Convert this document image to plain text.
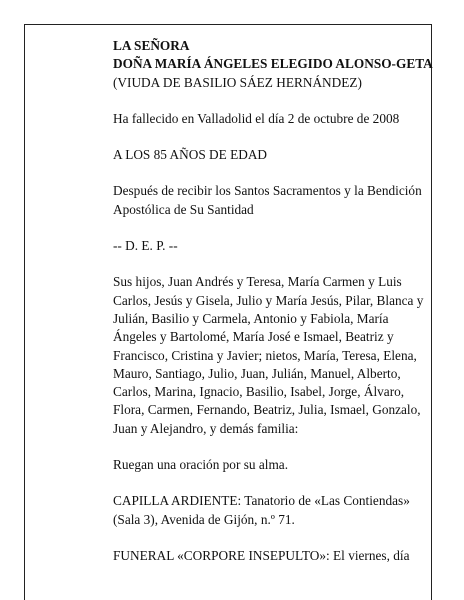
LA SEÑORA
DOÑA MARÍA ÁNGELES ELEGIDO ALONSO-GETA
(VIUDA DE BASILIO SÁEZ HERNÁNDEZ)

Ha fallecido en Valladolid el día 2 de octubre de 2008

A LOS 85 AÑOS DE EDAD

Después de recibir los Santos Sacramentos y la Bendición Apostólica de Su Santidad

-- D. E. P. --

Sus hijos, Juan Andrés y Teresa, María Carmen y Luis Carlos, Jesús y Gisela, Julio y María Jesús, Pilar, Blanca y Julián, Basilio y Carmela, Antonio y Fabiola, María Ángeles y Bartolomé, María José e Ismael, Beatriz y Francisco, Cristina y Javier; nietos, María, Teresa, Elena, Mauro, Santiago, Julio, Juan, Julián, Manuel, Alberto, Carlos, Marina, Ignacio, Basilio, Isabel, Jorge, Álvaro, Flora, Carmen, Fernando, Beatriz, Julia, Ismael, Gonzalo, Juan y Alejandro, y demás familia:

Ruegan una oración por su alma.

CAPILLA ARDIENTE: Tanatorio de «Las Contiendas» (Sala 3), Avenida de Gijón, n.º 71.

FUNERAL «CORPORE INSEPULTO»: El viernes, día
